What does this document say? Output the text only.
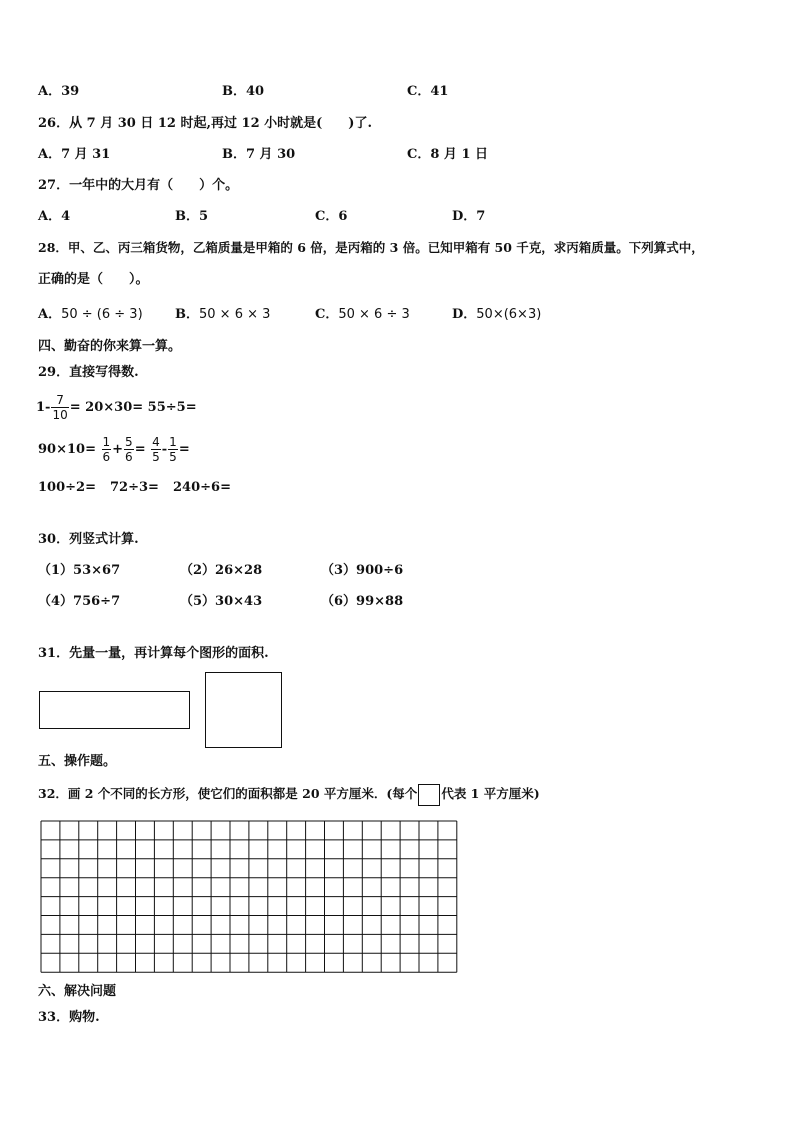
A．39	B．40	C．41
26．从 7 月 30 日 12 时起,再过 12 小时就是(　　)了.
A．7 月 31	B．7 月 30	C．8 月 1 日
27．一年中的大月有（　　）个。
A．4	B．5	C．6	D．7
28．甲、乙、丙三箱货物，乙箱质量是甲箱的 6 倍，是丙箱的 3 倍。已知甲箱有 50 千克，求丙箱质量。下列算式中，
正确的是（　　）。
A．50 ÷ (6 ÷ 3) B．50 × 6 × 3	C．50 × 6 ÷ 3	D．50×(6×3)
四、勤奋的你来算一算。
29．直接写得数.
$1- \frac{7}{10} = 20\times 30= 55\div 5=$
$90\times 10= \frac{1}{6} + \frac{5}{6} = \frac{4}{5} - \frac{1}{5}$ =
100÷2= 72÷3= 240÷6=
30．列竖式计算.
（1）53×67	（2）26×28	（3）900÷6
（4）756÷7	（5）30×43	（6）99×88
31．先量一量，再计算每个图形的面积.
五、操作题。
32．画 2 个不同的长方形，使它们的面积都是 20 平方厘米．(每个 代表 1 平方厘米)
六、解决问题
33．购物.
